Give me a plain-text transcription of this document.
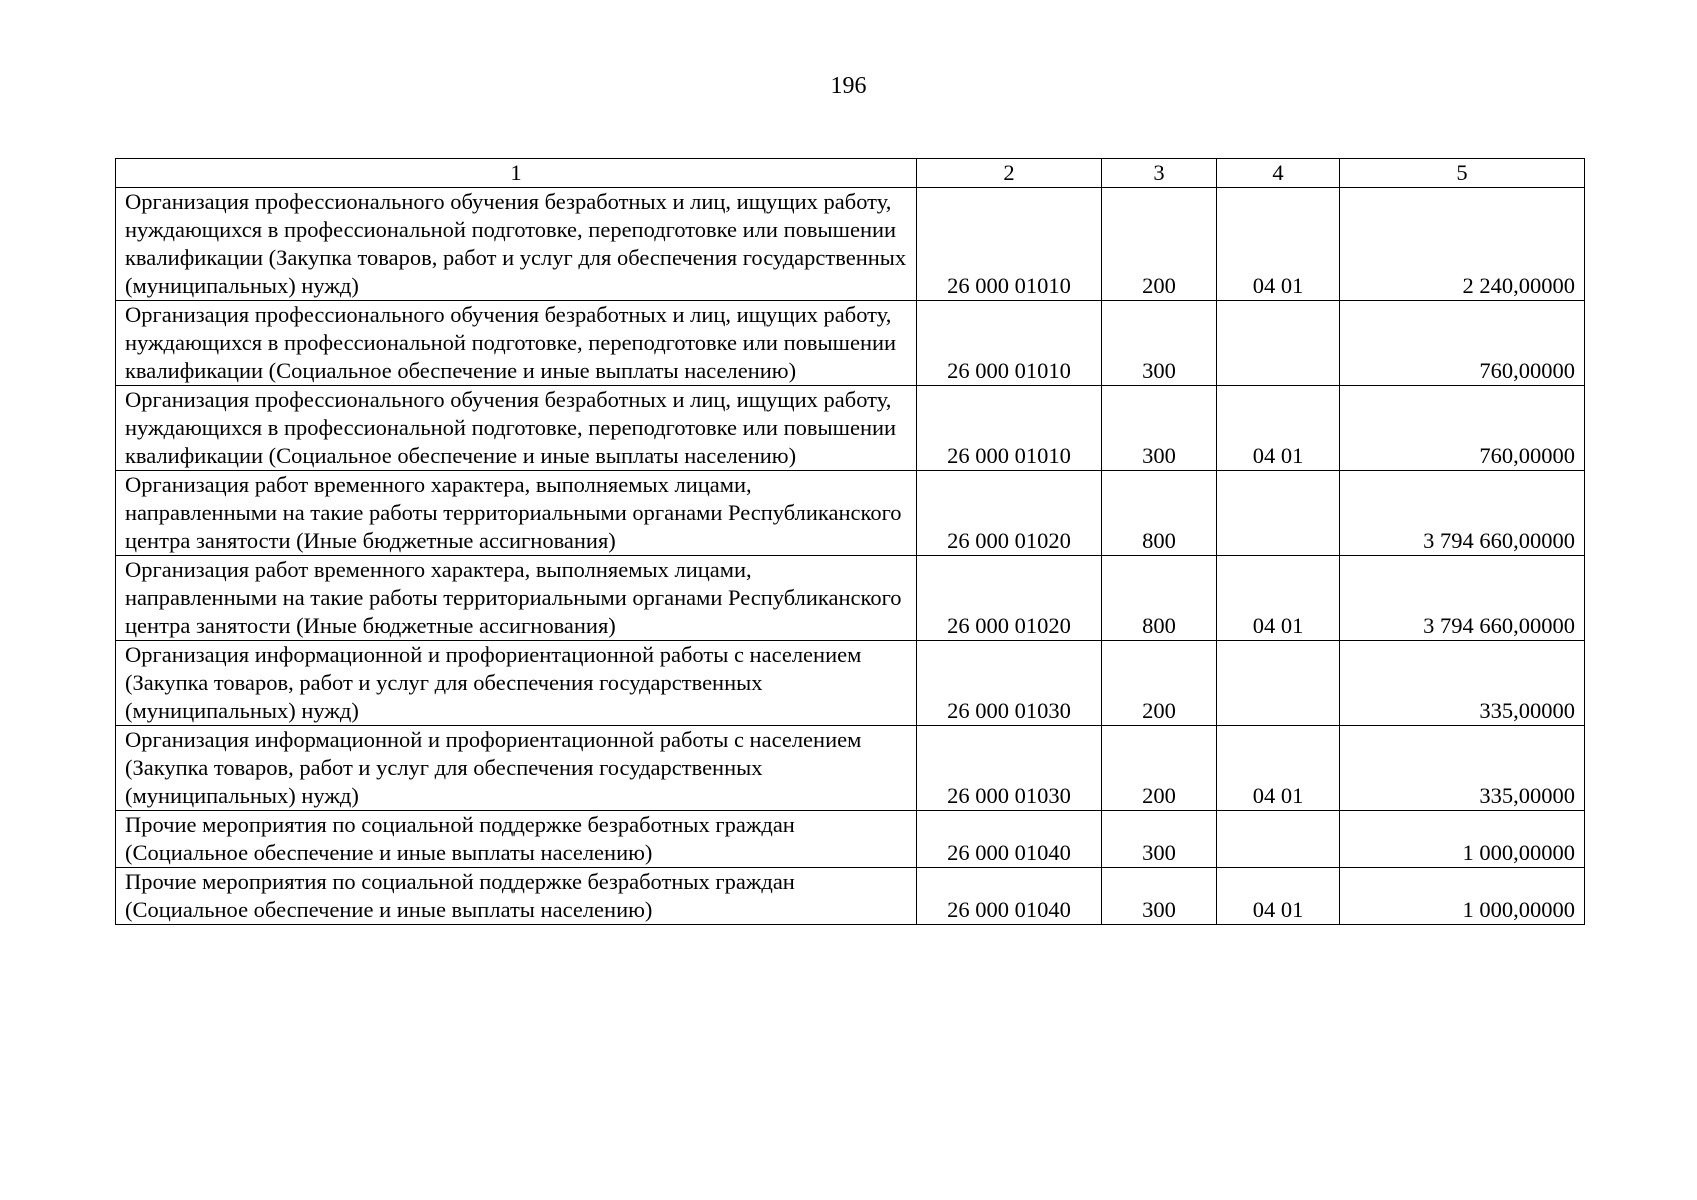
196
1	2	3	4	5
Организация профессионального обучения безработных и лиц, ищущих работу, нуждающихся в профессиональной подготовке, переподготовке или повышении квалификации (Закупка товаров, работ и услуг для обеспечения государственных (муниципальных) нужд)	26 000 01010	200	04 01	2 240,00000
Организация профессионального обучения безработных и лиц, ищущих работу, нуждающихся в профессиональной подготовке, переподготовке или повышении квалификации (Социальное обеспечение и иные выплаты населению)	26 000 01010	300		760,00000
Организация профессионального обучения безработных и лиц, ищущих работу, нуждающихся в профессиональной подготовке, переподготовке или повышении квалификации (Социальное обеспечение и иные выплаты населению)	26 000 01010	300	04 01	760,00000
Организация работ временного характера, выполняемых лицами, направленными на такие работы территориальными органами Республиканского центра занятости (Иные бюджетные ассигнования)	26 000 01020	800		3 794 660,00000
Организация работ временного характера, выполняемых лицами, направленными на такие работы территориальными органами Республиканского центра занятости (Иные бюджетные ассигнования)	26 000 01020	800	04 01	3 794 660,00000
Организация информационной и профориентационной работы с населением (Закупка товаров, работ и услуг для обеспечения государственных (муниципальных) нужд)	26 000 01030	200		335,00000
Организация информационной и профориентационной работы с населением (Закупка товаров, работ и услуг для обеспечения государственных (муниципальных) нужд)	26 000 01030	200	04 01	335,00000
Прочие мероприятия по социальной поддержке безработных граждан (Социальное обеспечение и иные выплаты населению)	26 000 01040	300		1 000,00000
Прочие мероприятия по социальной поддержке безработных граждан (Социальное обеспечение и иные выплаты населению)	26 000 01040	300	04 01	1 000,00000
